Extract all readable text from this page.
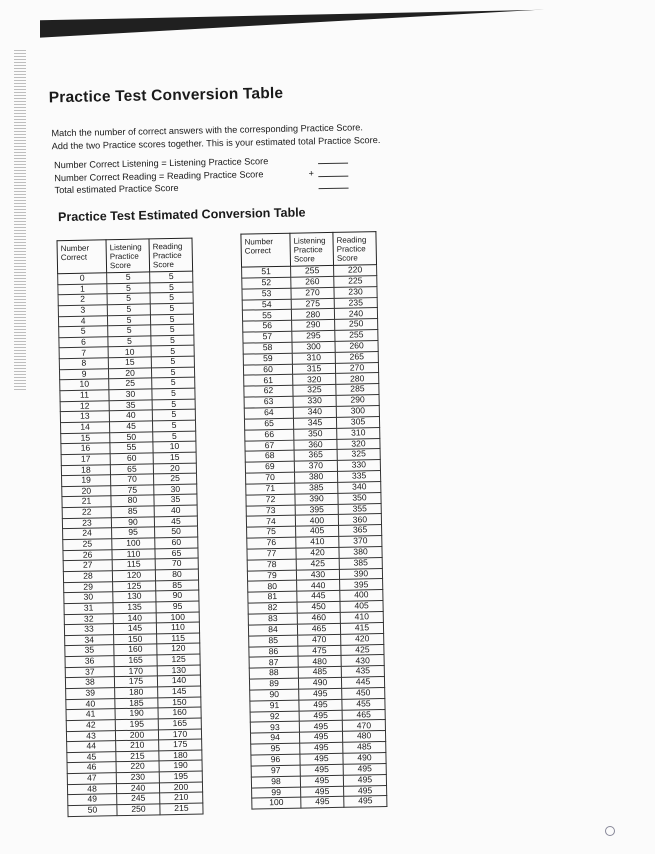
Practice Test Conversion Table
Match the number of correct answers with the corresponding Practice Score.
Add the two Practice scores together. This is your estimated total Practice Score.
Number Correct Listening = Listening Practice Score
Number Correct Reading = Reading Practice Score	+
Total estimated Practice Score
Practice Test Estimated Conversion Table
Number Correct	Listening Practice Score	Reading Practice Score
0	5	5
1	5	5
2	5	5
3	5	5
4	5	5
5	5	5
6	5	5
7	10	5
8	15	5
9	20	5
10	25	5
11	30	5
12	35	5
13	40	5
14	45	5
15	50	5
16	55	10
17	60	15
18	65	20
19	70	25
20	75	30
21	80	35
22	85	40
23	90	45
24	95	50
25	100	60
26	110	65
27	115	70
28	120	80
29	125	85
30	130	90
31	135	95
32	140	100
33	145	110
34	150	115
35	160	120
36	165	125
37	170	130
38	175	140
39	180	145
40	185	150
41	190	160
42	195	165
43	200	170
44	210	175
45	215	180
46	220	190
47	230	195
48	240	200
49	245	210
50	250	215
Number Correct	Listening Practice Score	Reading Practice Score
51	255	220
52	260	225
53	270	230
54	275	235
55	280	240
56	290	250
57	295	255
58	300	260
59	310	265
60	315	270
61	320	280
62	325	285
63	330	290
64	340	300
65	345	305
66	350	310
67	360	320
68	365	325
69	370	330
70	380	335
71	385	340
72	390	350
73	395	355
74	400	360
75	405	365
76	410	370
77	420	380
78	425	385
79	430	390
80	440	395
81	445	400
82	450	405
83	460	410
84	465	415
85	470	420
86	475	425
87	480	430
88	485	435
89	490	445
90	495	450
91	495	455
92	495	465
93	495	470
94	495	480
95	495	485
96	495	490
97	495	495
98	495	495
99	495	495
100	495	495
